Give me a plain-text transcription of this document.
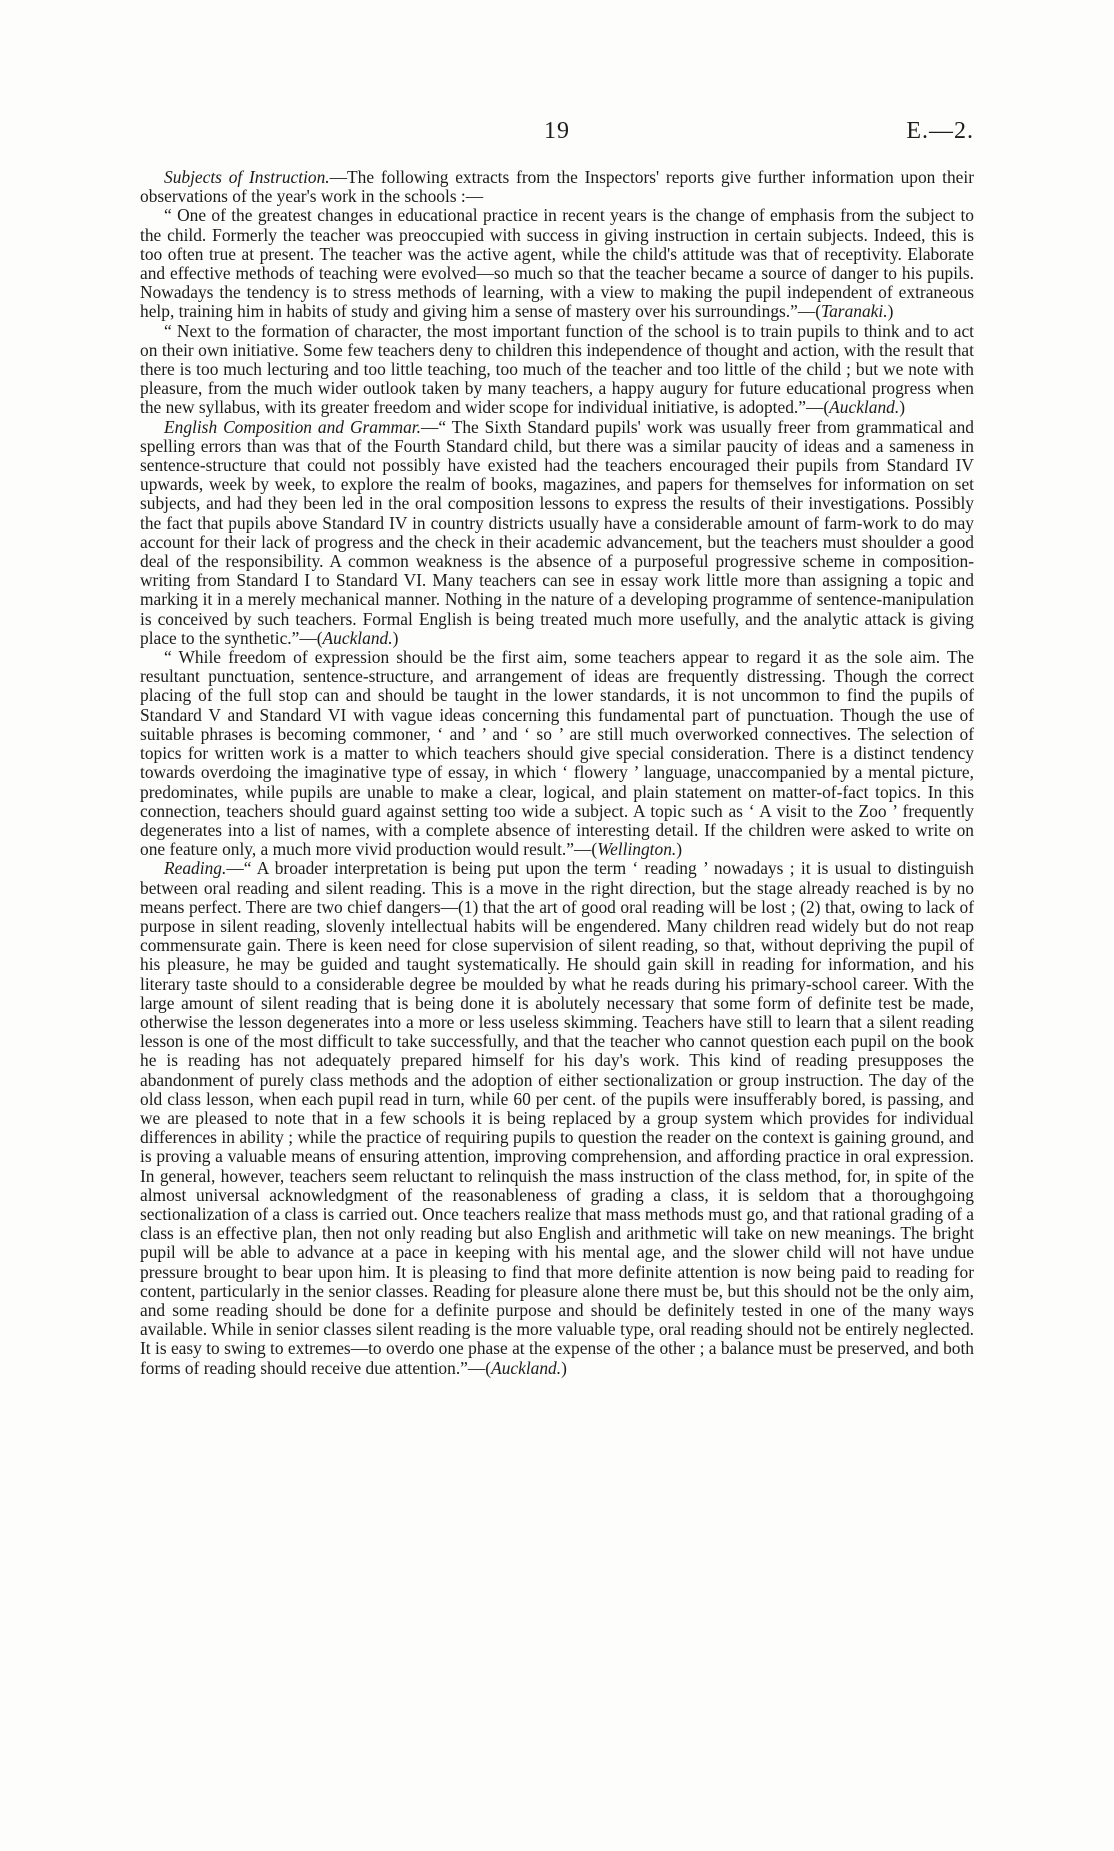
19	E.—2.

Subjects of Instruction.—The following extracts from the Inspectors' reports give further information upon their observations of the year's work in the schools :—

“ One of the greatest changes in educational practice in recent years is the change of emphasis from the subject to the child. Formerly the teacher was preoccupied with success in giving instruction in certain subjects. Indeed, this is too often true at present. The teacher was the active agent, while the child's attitude was that of receptivity. Elaborate and effective methods of teaching were evolved—so much so that the teacher became a source of danger to his pupils. Nowadays the tendency is to stress methods of learning, with a view to making the pupil independent of extraneous help, training him in habits of study and giving him a sense of mastery over his surroundings.”—(Taranaki.)

“ Next to the formation of character, the most important function of the school is to train pupils to think and to act on their own initiative. Some few teachers deny to children this independence of thought and action, with the result that there is too much lecturing and too little teaching, too much of the teacher and too little of the child ; but we note with pleasure, from the much wider outlook taken by many teachers, a happy augury for future educational progress when the new syllabus, with its greater freedom and wider scope for individual initiative, is adopted.”—(Auckland.)

English Composition and Grammar.—“ The Sixth Standard pupils' work was usually freer from grammatical and spelling errors than was that of the Fourth Standard child, but there was a similar paucity of ideas and a sameness in sentence-structure that could not possibly have existed had the teachers encouraged their pupils from Standard IV upwards, week by week, to explore the realm of books, magazines, and papers for themselves for information on set subjects, and had they been led in the oral composition lessons to express the results of their investigations. Possibly the fact that pupils above Standard IV in country districts usually have a considerable amount of farm-work to do may account for their lack of progress and the check in their academic advancement, but the teachers must shoulder a good deal of the responsibility. A common weakness is the absence of a purposeful progressive scheme in composition-writing from Standard I to Standard VI. Many teachers can see in essay work little more than assigning a topic and marking it in a merely mechanical manner. Nothing in the nature of a developing programme of sentence-manipulation is conceived by such teachers. Formal English is being treated much more usefully, and the analytic attack is giving place to the synthetic.”—(Auckland.)

“ While freedom of expression should be the first aim, some teachers appear to regard it as the sole aim. The resultant punctuation, sentence-structure, and arrangement of ideas are frequently distressing. Though the correct placing of the full stop can and should be taught in the lower standards, it is not uncommon to find the pupils of Standard V and Standard VI with vague ideas concerning this fundamental part of punctuation. Though the use of suitable phrases is becoming commoner, ‘ and ’ and ‘ so ’ are still much overworked connectives. The selection of topics for written work is a matter to which teachers should give special consideration. There is a distinct tendency towards overdoing the imaginative type of essay, in which ‘ flowery ’ language, unaccompanied by a mental picture, predominates, while pupils are unable to make a clear, logical, and plain statement on matter-of-fact topics. In this connection, teachers should guard against setting too wide a subject. A topic such as ‘ A visit to the Zoo ’ frequently degenerates into a list of names, with a complete absence of interesting detail. If the children were asked to write on one feature only, a much more vivid production would result.”—(Wellington.)

Reading.—“ A broader interpretation is being put upon the term ‘ reading ’ nowadays ; it is usual to distinguish between oral reading and silent reading. This is a move in the right direction, but the stage already reached is by no means perfect. There are two chief dangers—(1) that the art of good oral reading will be lost ; (2) that, owing to lack of purpose in silent reading, slovenly intellectual habits will be engendered. Many children read widely but do not reap commensurate gain. There is keen need for close supervision of silent reading, so that, without depriving the pupil of his pleasure, he may be guided and taught systematically. He should gain skill in reading for information, and his literary taste should to a considerable degree be moulded by what he reads during his primary-school career. With the large amount of silent reading that is being done it is abolutely necessary that some form of definite test be made, otherwise the lesson degenerates into a more or less useless skimming. Teachers have still to learn that a silent reading lesson is one of the most difficult to take successfully, and that the teacher who cannot question each pupil on the book he is reading has not adequately prepared himself for his day's work. This kind of reading presupposes the abandonment of purely class methods and the adoption of either sectionalization or group instruction. The day of the old class lesson, when each pupil read in turn, while 60 per cent. of the pupils were insufferably bored, is passing, and we are pleased to note that in a few schools it is being replaced by a group system which provides for individual differences in ability ; while the practice of requiring pupils to question the reader on the context is gaining ground, and is proving a valuable means of ensuring attention, improving comprehension, and affording practice in oral expression. In general, however, teachers seem reluctant to relinquish the mass instruction of the class method, for, in spite of the almost universal acknowledgment of the reasonableness of grading a class, it is seldom that a thoroughgoing sectionalization of a class is carried out. Once teachers realize that mass methods must go, and that rational grading of a class is an effective plan, then not only reading but also English and arithmetic will take on new meanings. The bright pupil will be able to advance at a pace in keeping with his mental age, and the slower child will not have undue pressure brought to bear upon him. It is pleasing to find that more definite attention is now being paid to reading for content, particularly in the senior classes. Reading for pleasure alone there must be, but this should not be the only aim, and some reading should be done for a definite purpose and should be definitely tested in one of the many ways available. While in senior classes silent reading is the more valuable type, oral reading should not be entirely neglected. It is easy to swing to extremes—to overdo one phase at the expense of the other ; a balance must be preserved, and both forms of reading should receive due attention.”—(Auckland.)
